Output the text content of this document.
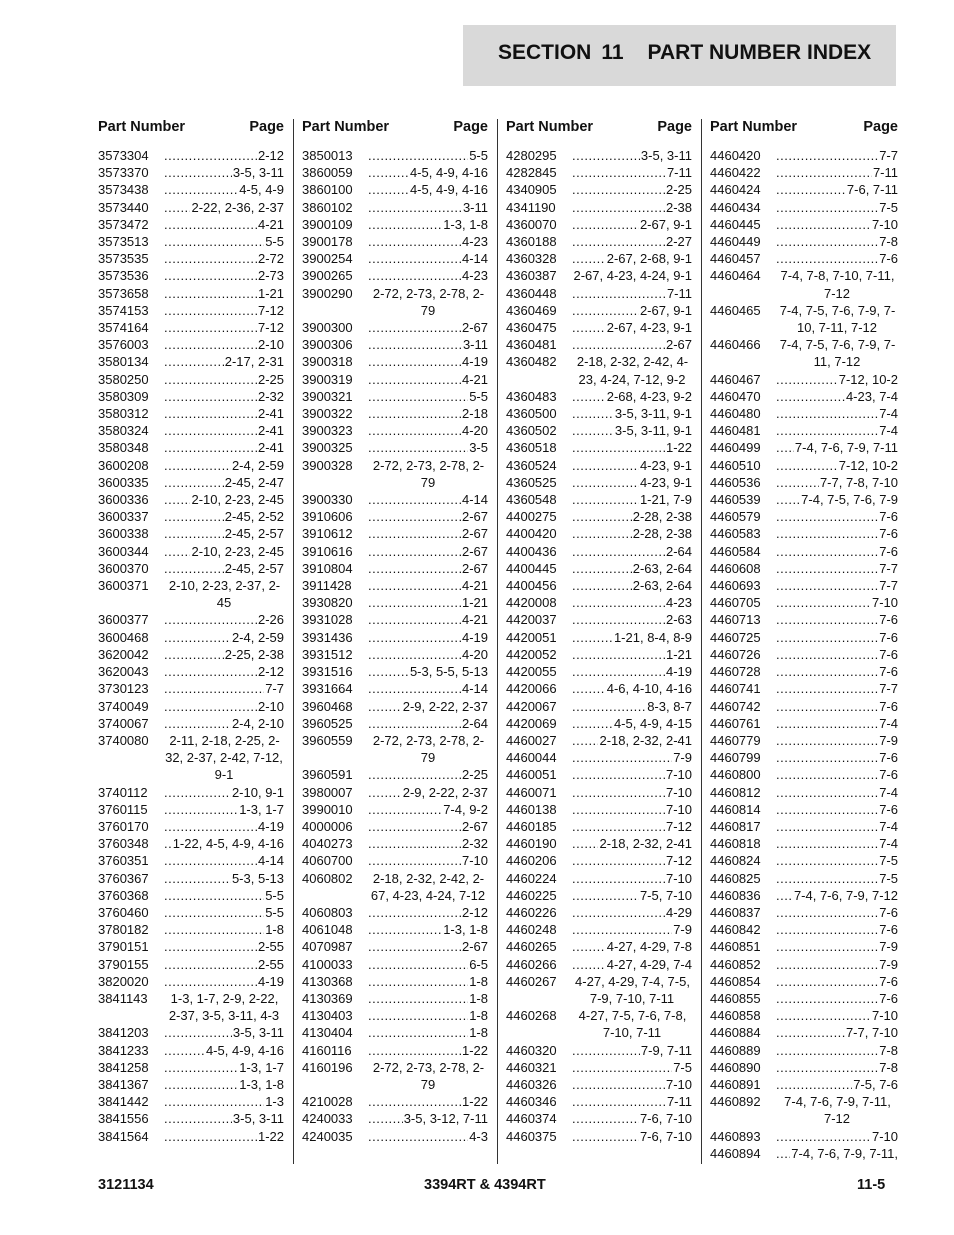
SECTION 11 PART NUMBER INDEX
Part Number	Page
3573304 .....	2-12
3573370 .....	3-5, 3-11
3573438 .....	4-5, 4-9
3573440 .....	2-22, 2-36, 2-37
3573472 .....	4-21
3573513 .....	5-5
3573535 .....	2-72
3573536 .....	2-73
3573658 .....	1-21
3574153 .....	7-12
3574164 .....	7-12
3576003 .....	2-10
3580134 .....	2-17, 2-31
3580250 .....	2-25
3580309 .....	2-32
3580312 .....	2-41
3580324 .....	2-41
3580348 .....	2-41
3600208 .....	2-4, 2-59
3600335 .....	2-45, 2-47
3600336 .....	2-10, 2-23, 2-45
3600337 .....	2-45, 2-52
3600338 .....	2-45, 2-57
3600344 .....	2-10, 2-23, 2-45
3600370 .....	2-45, 2-57
3600371	2-10, 2-23, 2-37, 2-45
3600377 .....	2-26
3600468 .....	2-4, 2-59
3620042 .....	2-25, 2-38
3620043 .....	2-12
3730123 .....	7-7
3740049 .....	2-10
3740067 .....	2-4, 2-10
3740080	2-11, 2-18, 2-25, 2-32, 2-37, 2-42, 7-12, 9-1
3740112 .....	2-10, 9-1
3760115 .....	1-3, 1-7
3760170 .....	4-19
3760348 ..... 1-22, 4-5, 4-9, 4-16
3760351 .....	4-14
3760367 .....	5-3, 5-13
3760368 .....	5-5
3760460 .....	5-5
3780182 .....	1-8
3790151 .....	2-55
3790155 .....	2-55
3820020 .....	4-19
3841143	1-3, 1-7, 2-9, 2-22, 2-37, 3-5, 3-11, 4-3
3841203 .....	3-5, 3-11
3841233 .....	4-5, 4-9, 4-16
3841258 .....	1-3, 1-7
3841367 .....	1-3, 1-8
3841442 .....	1-3
3841556 .....	3-5, 3-11
3841564 .....	1-22
Part Number	Page
3850013 .....	5-5
3860059 .....	4-5, 4-9, 4-16
3860100 .....	4-5, 4-9, 4-16
3860102 .....	3-11
3900109 .....	1-3, 1-8
3900178 .....	4-23
3900254 .....	4-14
3900265 .....	4-23
3900290	2-72, 2-73, 2-78, 2-79
3900300 .....	2-67
3900306 .....	3-11
3900318 .....	4-19
3900319 .....	4-21
3900321 .....	5-5
3900322 .....	2-18
3900323 .....	4-20
3900325 .....	3-5
3900328	2-72, 2-73, 2-78, 2-79
3900330 .....	4-14
3910606 .....	2-67
3910612 .....	2-67
3910616 .....	2-67
3910804 .....	2-67
3911428 .....	4-21
3930820 .....	1-21
3931028 .....	4-21
3931436 .....	4-19
3931512 .....	4-20
3931516 .....	5-3, 5-5, 5-13
3931664 .....	4-14
3960468 .....	2-9, 2-22, 2-37
3960525 .....	2-64
3960559	2-72, 2-73, 2-78, 2-79
3960591 .....	2-25
3980007 .....	2-9, 2-22, 2-37
3990010 .....	7-4, 9-2
4000006 .....	2-67
4040273 .....	2-32
4060700 .....	7-10
4060802	2-18, 2-32, 2-42, 2-67, 4-23, 4-24, 7-12
4060803 .....	2-12
4061048 .....	1-3, 1-8
4070987 .....	2-67
4100033 .....	6-5
4130368 .....	1-8
4130369 .....	1-8
4130403 .....	1-8
4130404 .....	1-8
4160116 .....	1-22
4160196	2-72, 2-73, 2-78, 2-79
4210028 .....	1-22
4240033 .....	3-5, 3-12, 7-11
4240035 .....	4-3
Part Number	Page
4280295 .....	3-5, 3-11
4282845 .....	7-11
4340905 .....	2-25
4341190 .....	2-38
4360070 .....	2-67, 9-1
4360188 .....	2-27
4360328 .....	2-67, 2-68, 9-1
4360387 ..... 2-67, 4-23, 4-24, 9-1
4360448 .....	7-11
4360469 .....	2-67, 9-1
4360475 .....	2-67, 4-23, 9-1
4360481 .....	2-67
4360482	2-18, 2-32, 2-42, 4-23, 4-24, 7-12, 9-2
4360483 .....	2-68, 4-23, 9-2
4360500 .....	3-5, 3-11, 9-1
4360502 .....	3-5, 3-11, 9-1
4360518 .....	1-22
4360524 .....	4-23, 9-1
4360525 .....	4-23, 9-1
4360548 .....	1-21, 7-9
4400275 .....	2-28, 2-38
4400420 .....	2-28, 2-38
4400436 .....	2-64
4400445 .....	2-63, 2-64
4400456 .....	2-63, 2-64
4420008 .....	4-23
4420037 .....	2-63
4420051 .....	1-21, 8-4, 8-9
4420052 .....	1-21
4420055 .....	4-19
4420066 .....	4-6, 4-10, 4-16
4420067 .....	8-3, 8-7
4420069 .....	4-5, 4-9, 4-15
4460027 .....	2-18, 2-32, 2-41
4460044 .....	7-9
4460051 .....	7-10
4460071 .....	7-10
4460138 .....	7-10
4460185 .....	7-12
4460190 .....	2-18, 2-32, 2-41
4460206 .....	7-12
4460224 .....	7-10
4460225 .....	7-5, 7-10
4460226 .....	4-29
4460248 .....	7-9
4460265 .....	4-27, 4-29, 7-8
4460266 .....	4-27, 4-29, 7-4
4460267 4-27, 4-29, 7-4, 7-5, 7-9, 7-10, 7-11
4460268	4-27, 7-5, 7-6, 7-8, 7-10, 7-11
4460320 .....	7-9, 7-11
4460321 .....	7-5
4460326 .....	7-10
4460346 .....	7-11
4460374 .....	7-6, 7-10
4460375 .....	7-6, 7-10
Part Number	Page
4460420 .....	7-7
4460422 .....	7-11
4460424 .....	7-6, 7-11
4460434 .....	7-5
4460445 .....	7-10
4460449 .....	7-8
4460457 .....	7-6
4460464	7-4, 7-8, 7-10, 7-11, 7-12
4460465 7-4, 7-5, 7-6, 7-9, 7-10, 7-11, 7-12
4460466 7-4, 7-5, 7-6, 7-9, 7-11, 7-12
4460467 .....	7-12, 10-2
4460470 .....	4-23, 7-4
4460480 .....	7-4
4460481 .....	7-4
4460499 .....	7-4, 7-6, 7-9, 7-11
4460510 .....	7-12, 10-2
4460536 .....	7-7, 7-8, 7-10
4460539 .....	7-4, 7-5, 7-6, 7-9
4460579 .....	7-6
4460583 .....	7-6
4460584 .....	7-6
4460608 .....	7-7
4460693 .....	7-7
4460705 .....	7-10
4460713 .....	7-6
4460725 .....	7-6
4460726 .....	7-6
4460728 .....	7-6
4460741 .....	7-7
4460742 .....	7-6
4460761 .....	7-4
4460779 .....	7-9
4460799 .....	7-6
4460800 .....	7-6
4460812 .....	7-4
4460814 .....	7-6
4460817 .....	7-4
4460818 .....	7-4
4460824 .....	7-5
4460825 .....	7-5
4460836 .....	7-4, 7-6, 7-9, 7-12
4460837 .....	7-6
4460842 .....	7-6
4460851 .....	7-9
4460852 .....	7-9
4460854 .....	7-6
4460855 .....	7-6
4460858 .....	7-10
4460884 .....	7-7, 7-10
4460889 .....	7-8
4460890 .....	7-8
4460891 .....	7-5, 7-6
4460892	7-4, 7-6, 7-9, 7-11, 7-12
4460893 .....	7-10
4460894 ..... 7-4, 7-6, 7-9, 7-11,
3121134	3394RT & 4394RT	11-5
